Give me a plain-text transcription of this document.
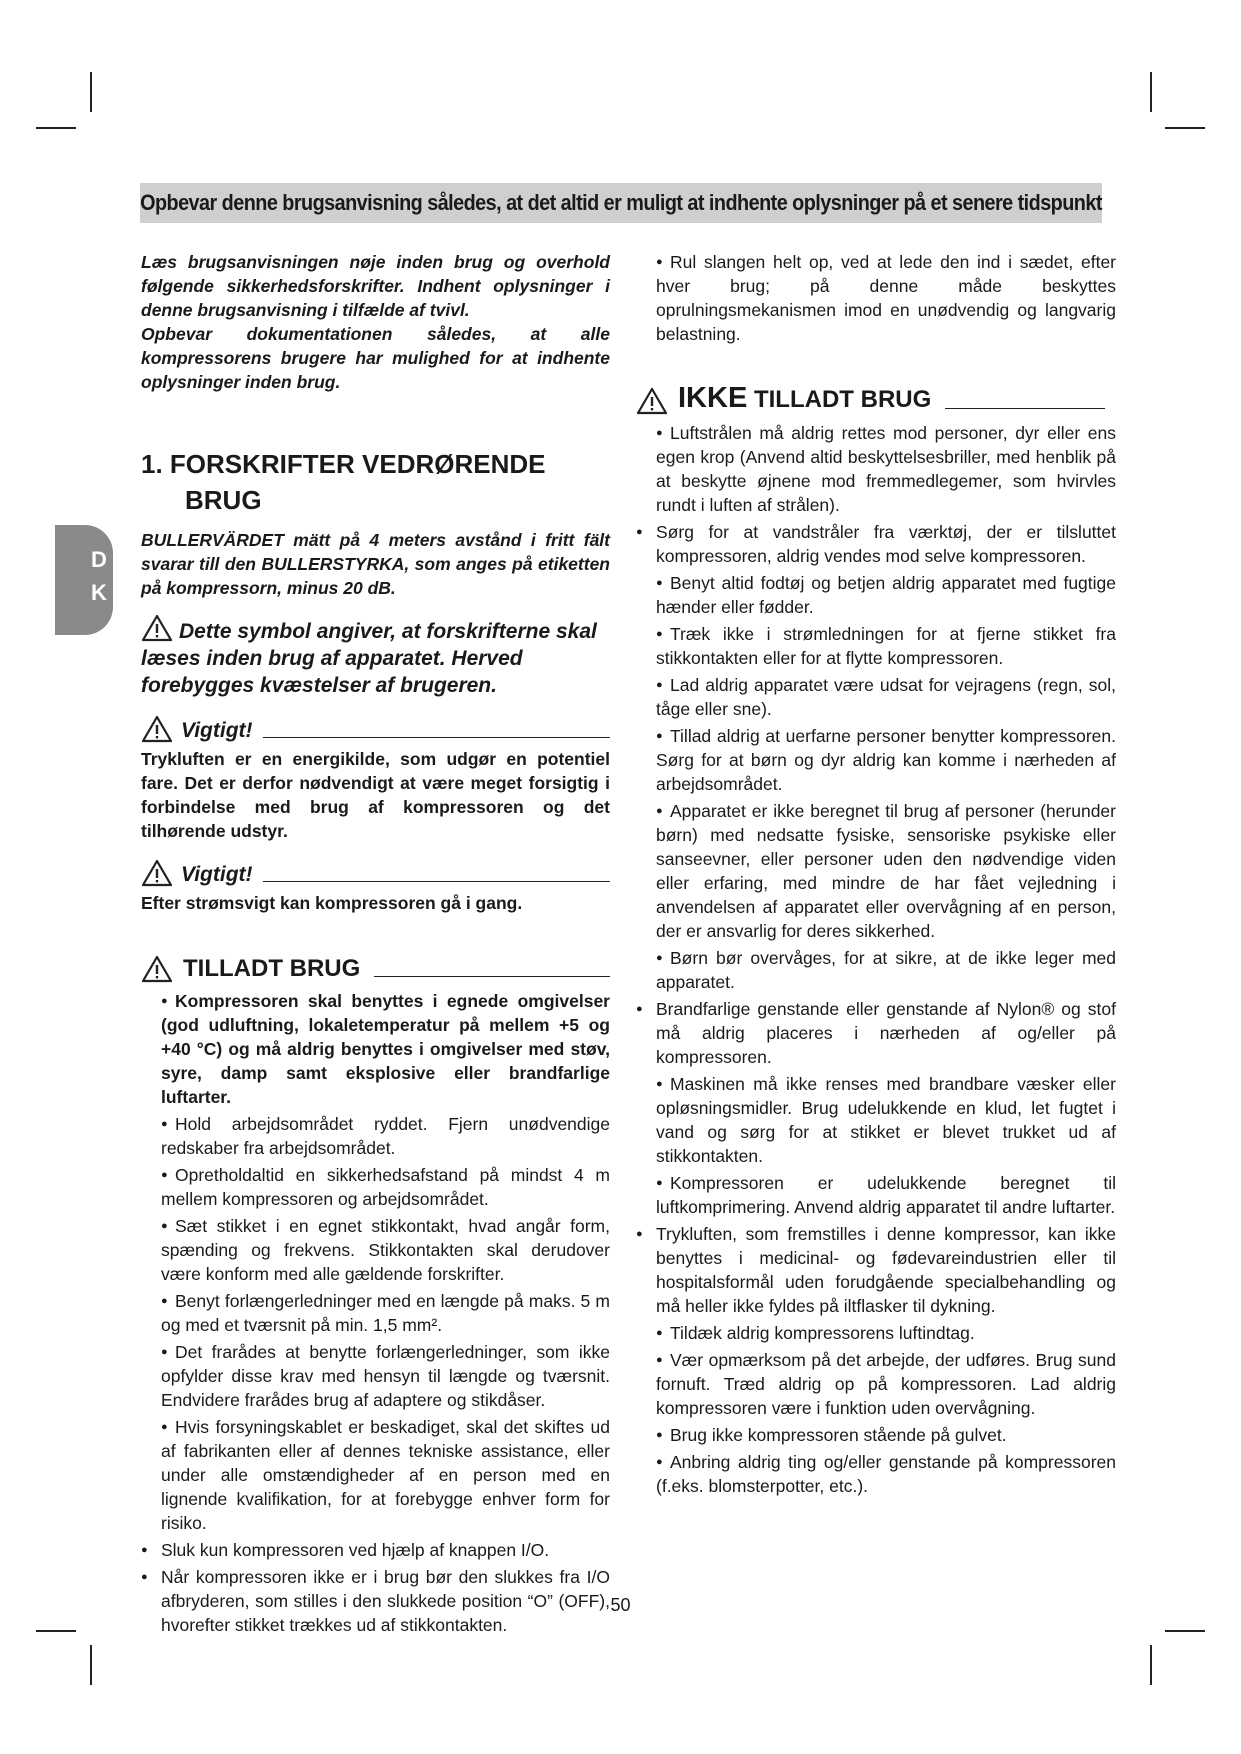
Opbevar denne brugsanvisning således, at det altid er muligt at indhente oplysninger på et senere tidspunkt
D
K

Læs brugsanvisningen nøje inden brug og overhold følgende sikkerhedsforskrifter. Indhent oplysninger i denne brugsanvisning i tilfælde af tvivl.

Opbevar dokumentationen således, at alle kompressorens brugere har mulighed for at indhente oplysninger inden brug.

1. FORSKRIFTER VEDRØRENDE
BRUG

BULLERVÄRDET mätt på 4 meters avstånd i fritt fält svarar till den BULLERSTYRKA, som anges på etiketten på kompressorn, minus 20 dB.

Dette symbol angiver, at forskrifterne skal læses inden brug af apparatet. Herved forebygges kvæstelser af brugeren.

Vigtigt!

Trykluften er en energikilde, som udgør en potentiel fare. Det er derfor nødvendigt at være meget forsigtig i forbindelse med brug af kompressoren og det tilhørende udstyr.

Vigtigt!

Efter strømsvigt kan kompressoren gå i gang.

TILLADT BRUG
● Kompressoren skal benyttes i egnede omgivelser (god udluftning, lokaletemperatur på mellem +5 og +40 °C) og må aldrig benyttes i omgivelser med støv, syre, damp samt eksplosive eller brandfarlige luftarter.
● Hold arbejdsområdet ryddet. Fjern unødvendige redskaber fra arbejdsområdet.
● Opretholdaltid en sikkerhedsafstand på mindst 4 m mellem kompressoren og arbejdsområdet.
● Sæt stikket i en egnet stikkontakt, hvad angår form, spænding og frekvens. Stikkontakten skal derudover være konform med alle gældende forskrifter.
● Benyt forlængerledninger med en længde på maks. 5 m og med et tværsnit på min. 1,5 mm².
● Det frarådes at benytte forlængerledninger, som ikke opfylder disse krav med hensyn til længde og tværsnit. Endvidere frarådes brug af adaptere og stikdåser.
● Hvis forsyningskablet er beskadiget, skal det skiftes ud af fabrikanten eller af dennes tekniske assistance, eller under alle omstændigheder af en person med en lignende kvalifikation, for at forebygge enhver form for risiko.
● Sluk kun kompressoren ved hjælp af knappen I/O.
● Når kompressoren ikke er i brug bør den slukkes fra I/O afbryderen, som stilles i den slukkede position “O” (OFF), hvorefter stikket trækkes ud af stikkontakten.
● Rul slangen helt op, ved at lede den ind i sædet, efter hver brug; på denne måde beskyttes oprulningsmekanismen imod en unødvendig og langvarig belastning.
IKKE TILLADT BRUG
● Luftstrålen må aldrig rettes mod personer, dyr eller ens egen krop (Anvend altid beskyttelsesbriller, med henblik på at beskytte øjnene mod fremmedlegemer, som hvirvles rundt i luften af strålen).
● Sørg for at vandstråler fra værktøj, der er tilsluttet kompressoren, aldrig vendes mod selve kompressoren.
● Benyt altid fodtøj og betjen aldrig apparatet med fugtige hænder eller fødder.
● Træk ikke i strømledningen for at fjerne stikket fra stikkontakten eller for at flytte kompressoren.
● Lad aldrig apparatet være udsat for vejragens (regn, sol, tåge eller sne).
● Tillad aldrig at uerfarne personer benytter kompressoren. Sørg for at børn og dyr aldrig kan komme i nærheden af arbejdsområdet.
● Apparatet er ikke beregnet til brug af personer (herunder børn) med nedsatte fysiske, sensoriske psykiske eller sanseevner, eller personer uden den nødvendige viden eller erfaring, med mindre de har fået vejledning i anvendelsen af apparatet eller overvågning af en person, der er ansvarlig for deres sikkerhed.
● Børn bør overvåges, for at sikre, at de ikke leger med apparatet.
● Brandfarlige genstande eller genstande af Nylon® og stof må aldrig placeres i nærheden af og/eller på kompressoren.
● Maskinen må ikke renses med brandbare væsker eller opløsningsmidler. Brug udelukkende en klud, let fugtet i vand og sørg for at stikket er blevet trukket ud af stikkontakten.
● Kompressoren er udelukkende beregnet til luftkomprimering. Anvend aldrig apparatet til andre luftarter.
● Trykluften, som fremstilles i denne kompressor, kan ikke benyttes i medicinal- og fødevareindustrien eller til hospitalsformål uden forudgående specialbehandling og må heller ikke fyldes på iltflasker til dykning.
● Tildæk aldrig kompressorens luftindtag.
● Vær opmærksom på det arbejde, der udføres. Brug sund fornuft. Træd aldrig op på kompressoren. Lad aldrig kompressoren være i funktion uden overvågning.
● Brug ikke kompressoren stående på gulvet.
● Anbring aldrig ting og/eller genstande på kompressoren (f.eks. blomsterpotter, etc.).
50
